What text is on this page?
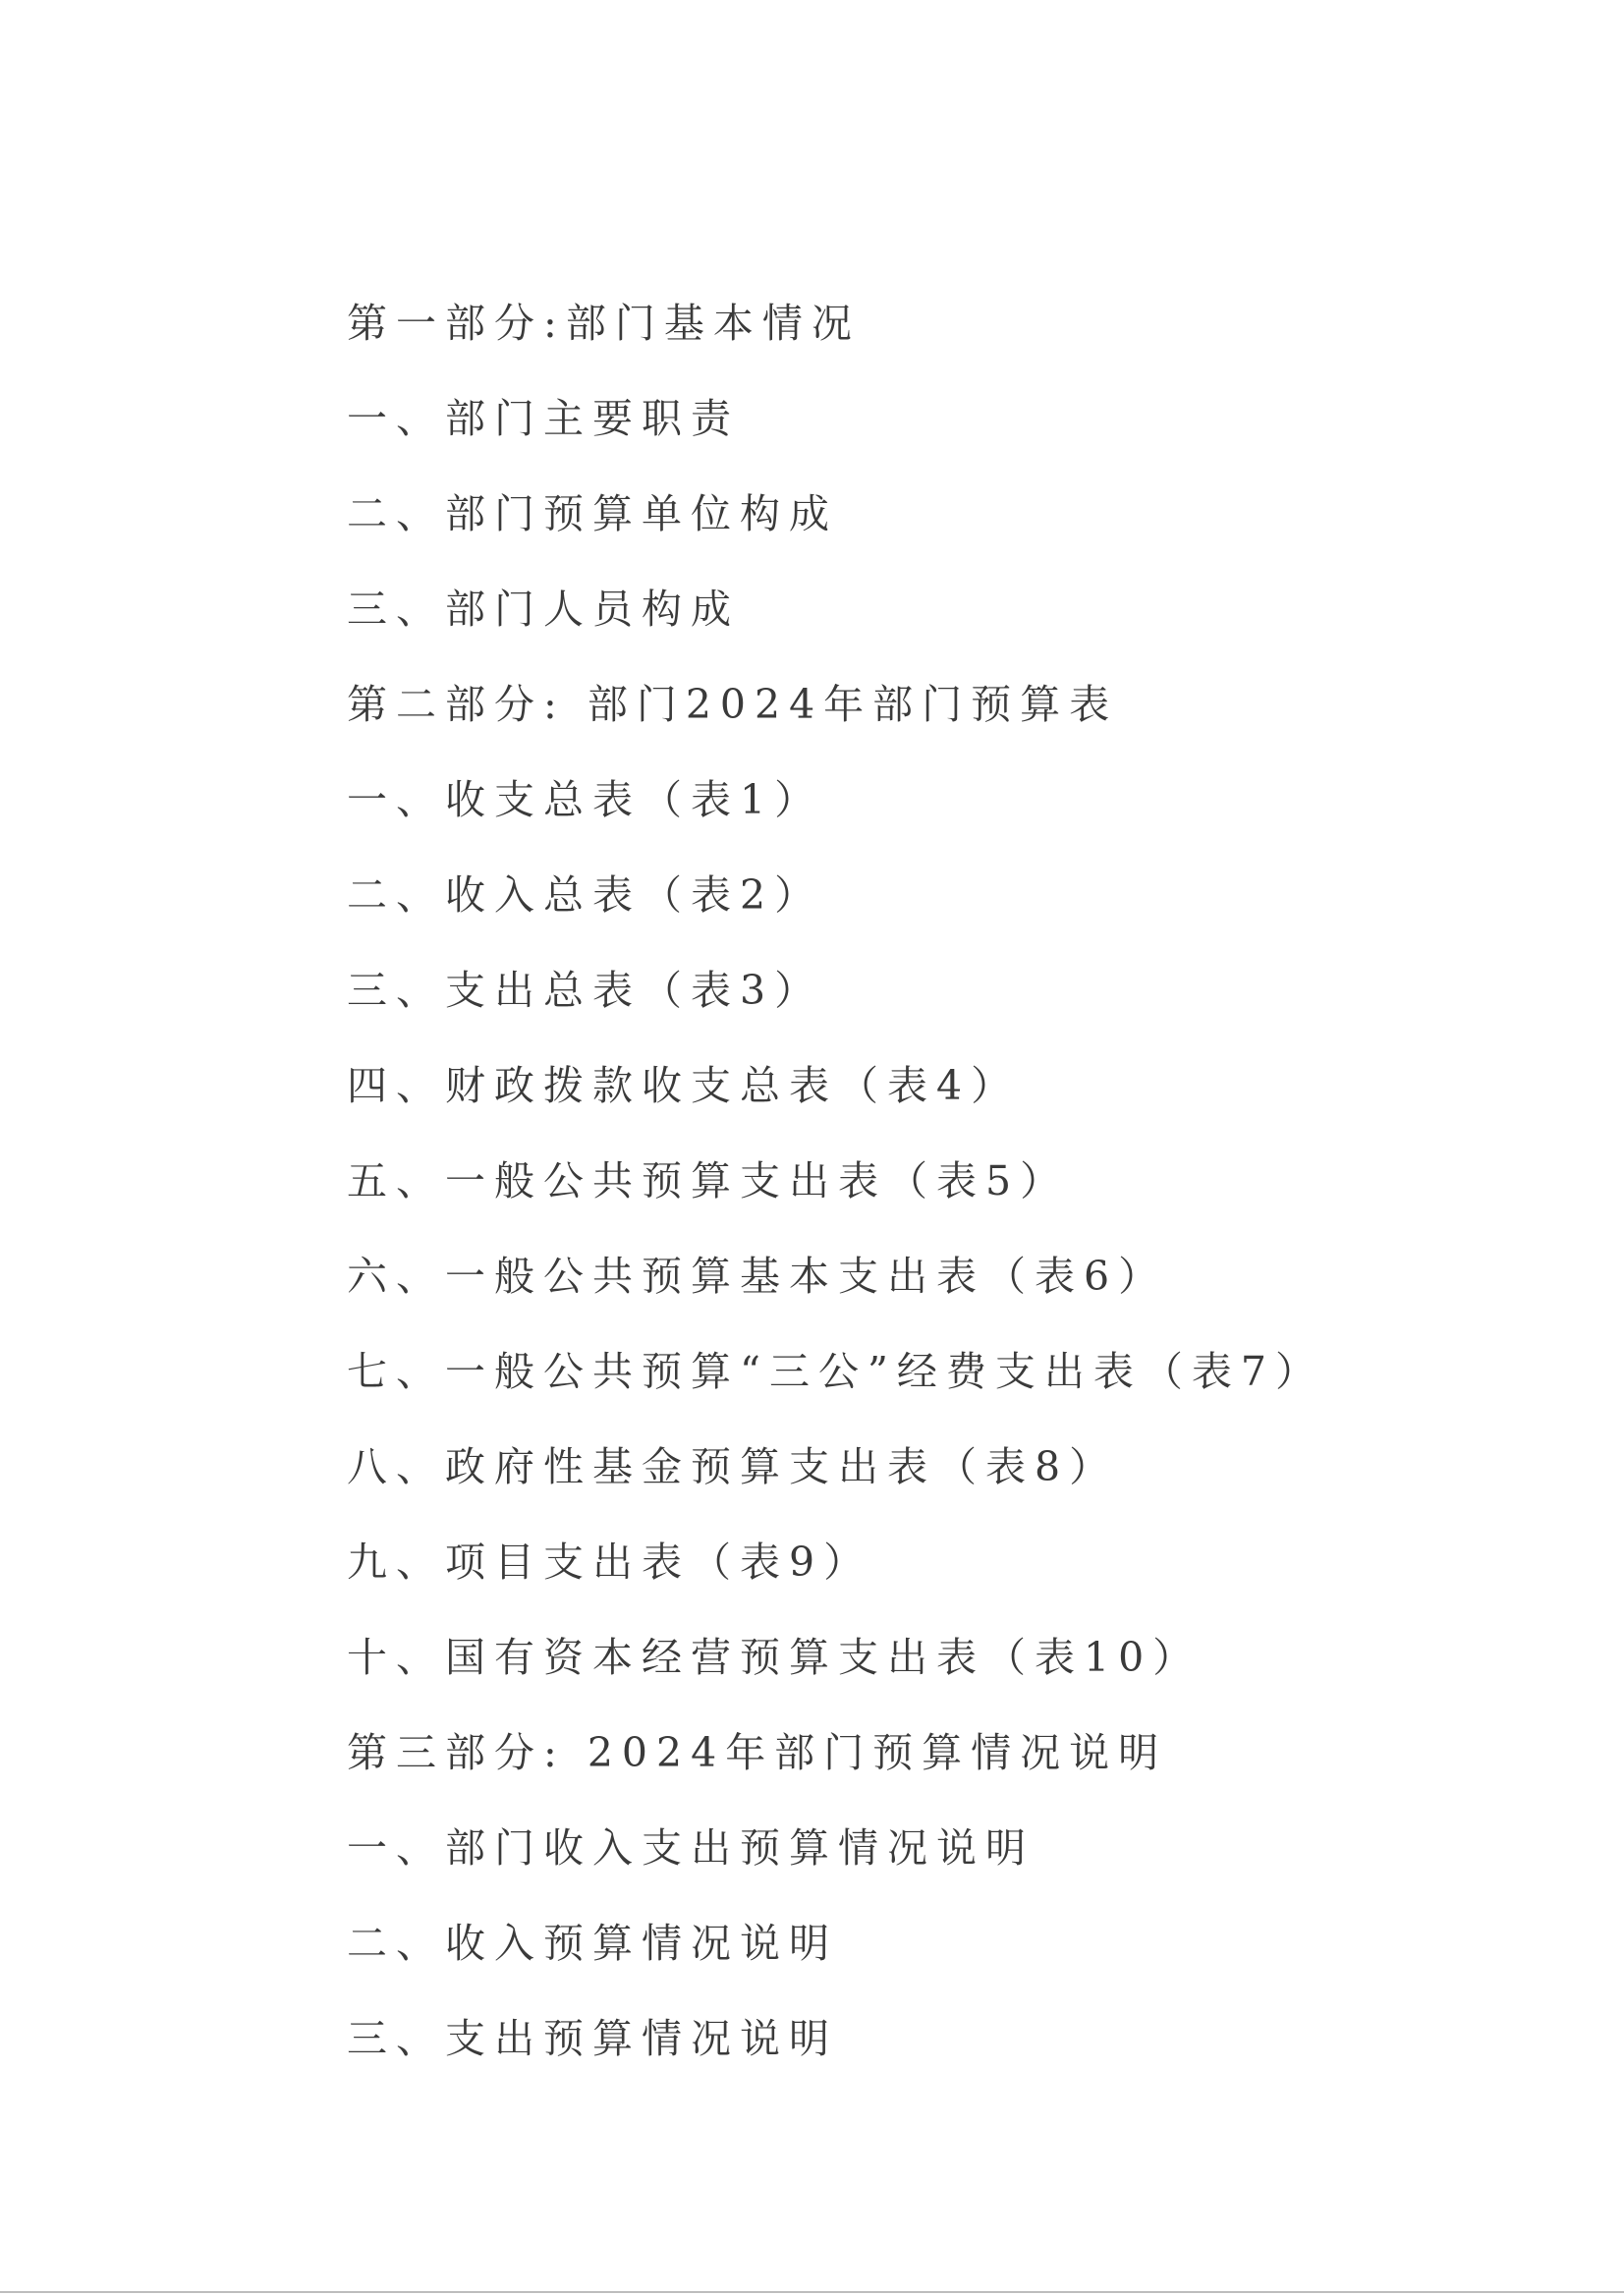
第一部分:部门基本情况
一、部门主要职责
二、部门预算单位构成
三、部门人员构成
第二部分: 部门2024年部门预算表
一、收支总表（表1）
二、收入总表（表2）
三、支出总表（表3）
四、财政拨款收支总表（表4）
五、一般公共预算支出表（表5）
六、一般公共预算基本支出表（表6）
七、一般公共预算“三公”经费支出表（表7）
八、政府性基金预算支出表（表8）
九、项目支出表（表9）
十、国有资本经营预算支出表（表10）
第三部分: 2024年部门预算情况说明
一、部门收入支出预算情况说明
二、收入预算情况说明
三、支出预算情况说明
